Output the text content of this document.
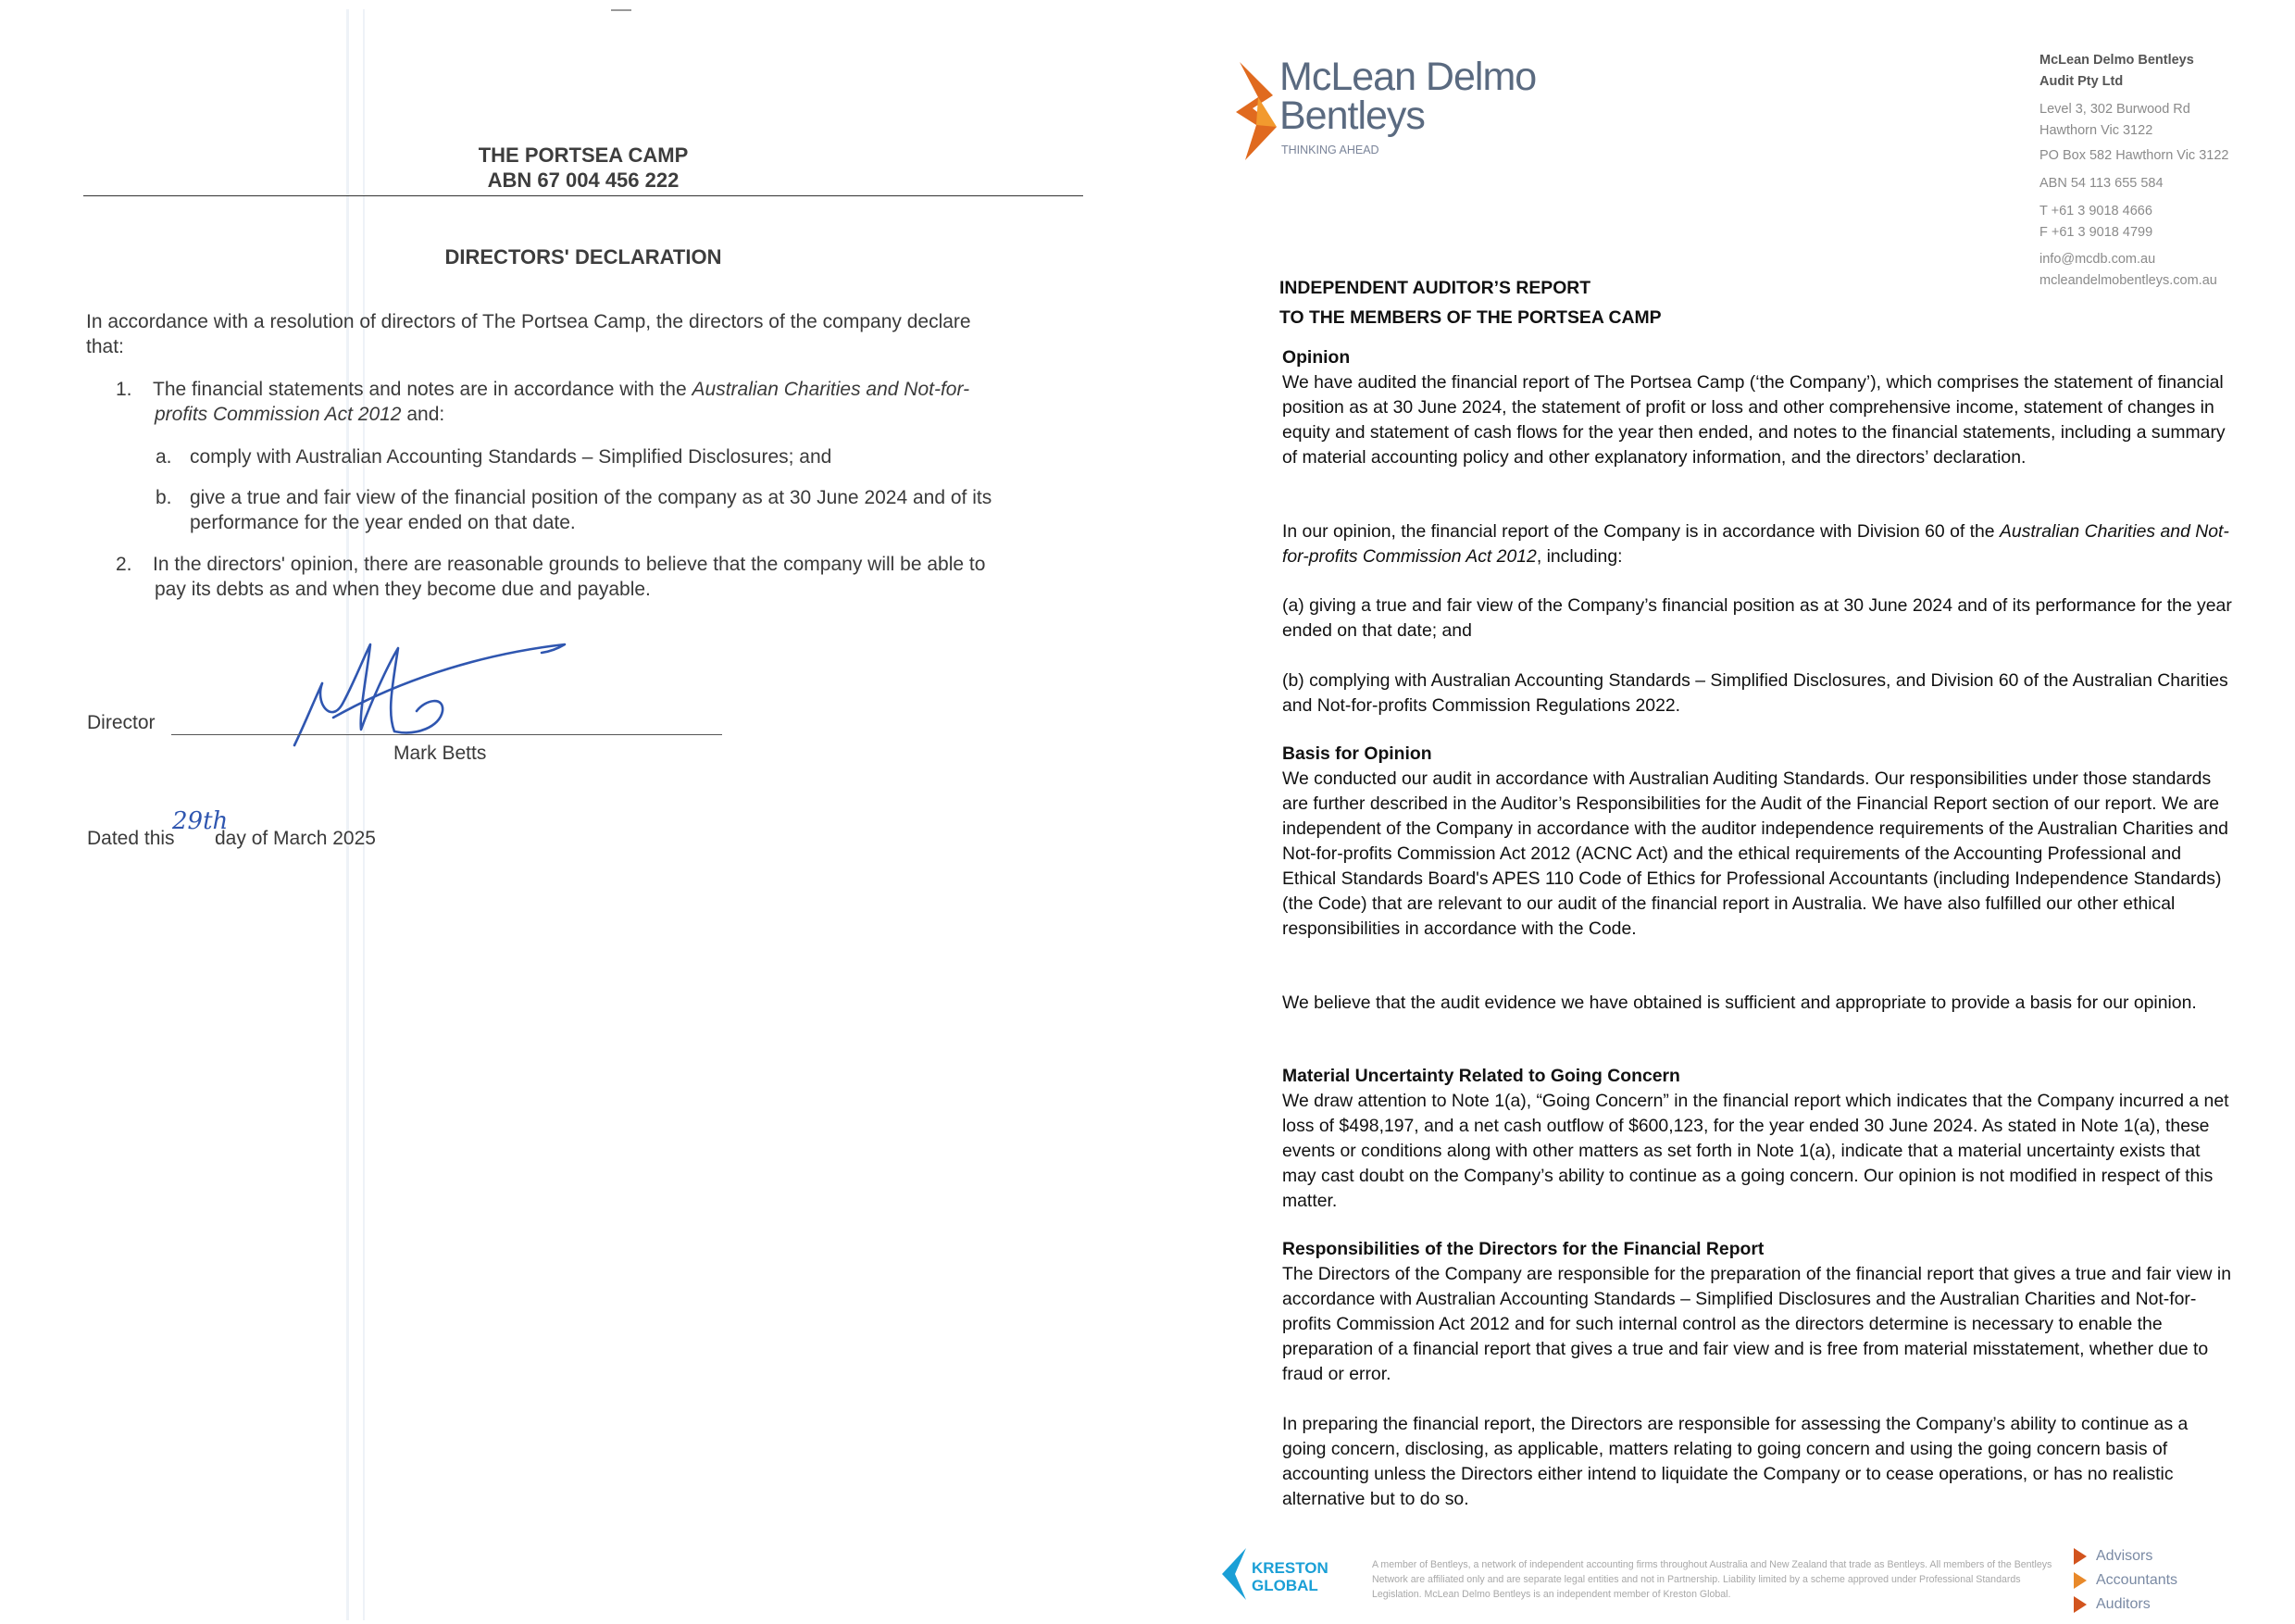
THE PORTSEA CAMP
ABN 67 004 456 222
DIRECTORS' DECLARATION
In accordance with a resolution of directors of The Portsea Camp, the directors of the company declare
that:
1. The financial statements and notes are in accordance with the Australian Charities and Not-for-
profits Commission Act 2012 and:
a. comply with Australian Accounting Standards – Simplified Disclosures; and
b. give a true and fair view of the financial position of the company as at 30 June 2024 and of its
performance for the year ended on that date.
2. In the directors' opinion, there are reasonable grounds to believe that the company will be able to
pay its debts as and when they become due and payable.
Director
Mark Betts
Dated this
29th
day of March 2025
McLean Delmo
Bentleys
THINKING AHEAD
McLean Delmo Bentleys
Audit Pty Ltd
Level 3, 302 Burwood Rd
Hawthorn Vic 3122
PO Box 582 Hawthorn Vic 3122
ABN 54 113 655 584
T +61 3 9018 4666
F +61 3 9018 4799
info@mcdb.com.au
mcleandelmobentleys.com.au
INDEPENDENT AUDITOR’S REPORT
TO THE MEMBERS OF THE PORTSEA CAMP
Opinion
We have audited the financial report of The Portsea Camp (‘the Company’), which comprises the statement of financial position as at 30 June 2024, the statement of profit or loss and other comprehensive income, statement of changes in equity and statement of cash flows for the year then ended, and notes to the financial statements, including a summary of material accounting policy and other explanatory information, and the directors’ declaration.
In our opinion, the financial report of the Company is in accordance with Division 60 of the Australian Charities and Not-for-profits Commission Act 2012, including:
(a) giving a true and fair view of the Company’s financial position as at 30 June 2024 and of its performance for the year ended on that date; and
(b) complying with Australian Accounting Standards – Simplified Disclosures, and Division 60 of the Australian Charities and Not-for-profits Commission Regulations 2022.
Basis for Opinion
We conducted our audit in accordance with Australian Auditing Standards. Our responsibilities under those standards are further described in the Auditor’s Responsibilities for the Audit of the Financial Report section of our report. We are independent of the Company in accordance with the auditor independence requirements of the Australian Charities and Not-for-profits Commission Act 2012 (ACNC Act) and the ethical requirements of the Accounting Professional and Ethical Standards Board's APES 110 Code of Ethics for Professional Accountants (including Independence Standards) (the Code) that are relevant to our audit of the financial report in Australia. We have also fulfilled our other ethical responsibilities in accordance with the Code.
We believe that the audit evidence we have obtained is sufficient and appropriate to provide a basis for our opinion.
Material Uncertainty Related to Going Concern
We draw attention to Note 1(a), “Going Concern” in the financial report which indicates that the Company incurred a net loss of $498,197, and a net cash outflow of $600,123, for the year ended 30 June 2024. As stated in Note 1(a), these events or conditions along with other matters as set forth in Note 1(a), indicate that a material uncertainty exists that may cast doubt on the Company’s ability to continue as a going concern. Our opinion is not modified in respect of this matter.
Responsibilities of the Directors for the Financial Report
The Directors of the Company are responsible for the preparation of the financial report that gives a true and fair view in accordance with Australian Accounting Standards – Simplified Disclosures and the Australian Charities and Not-for-profits Commission Act 2012 and for such internal control as the directors determine is necessary to enable the preparation of a financial report that gives a true and fair view and is free from material misstatement, whether due to fraud or error.
In preparing the financial report, the Directors are responsible for assessing the Company’s ability to continue as a going concern, disclosing, as applicable, matters relating to going concern and using the going concern basis of accounting unless the Directors either intend to liquidate the Company or to cease operations, or has no realistic alternative but to do so.
KRESTON
GLOBAL
A member of Bentleys, a network of independent accounting firms throughout Australia and New Zealand that trade as Bentleys. All members of the Bentleys Network are affiliated only and are separate legal entities and not in Partnership. Liability limited by a scheme approved under Professional Standards Legislation. McLean Delmo Bentleys is an independent member of Kreston Global.
Advisors
Accountants
Auditors
